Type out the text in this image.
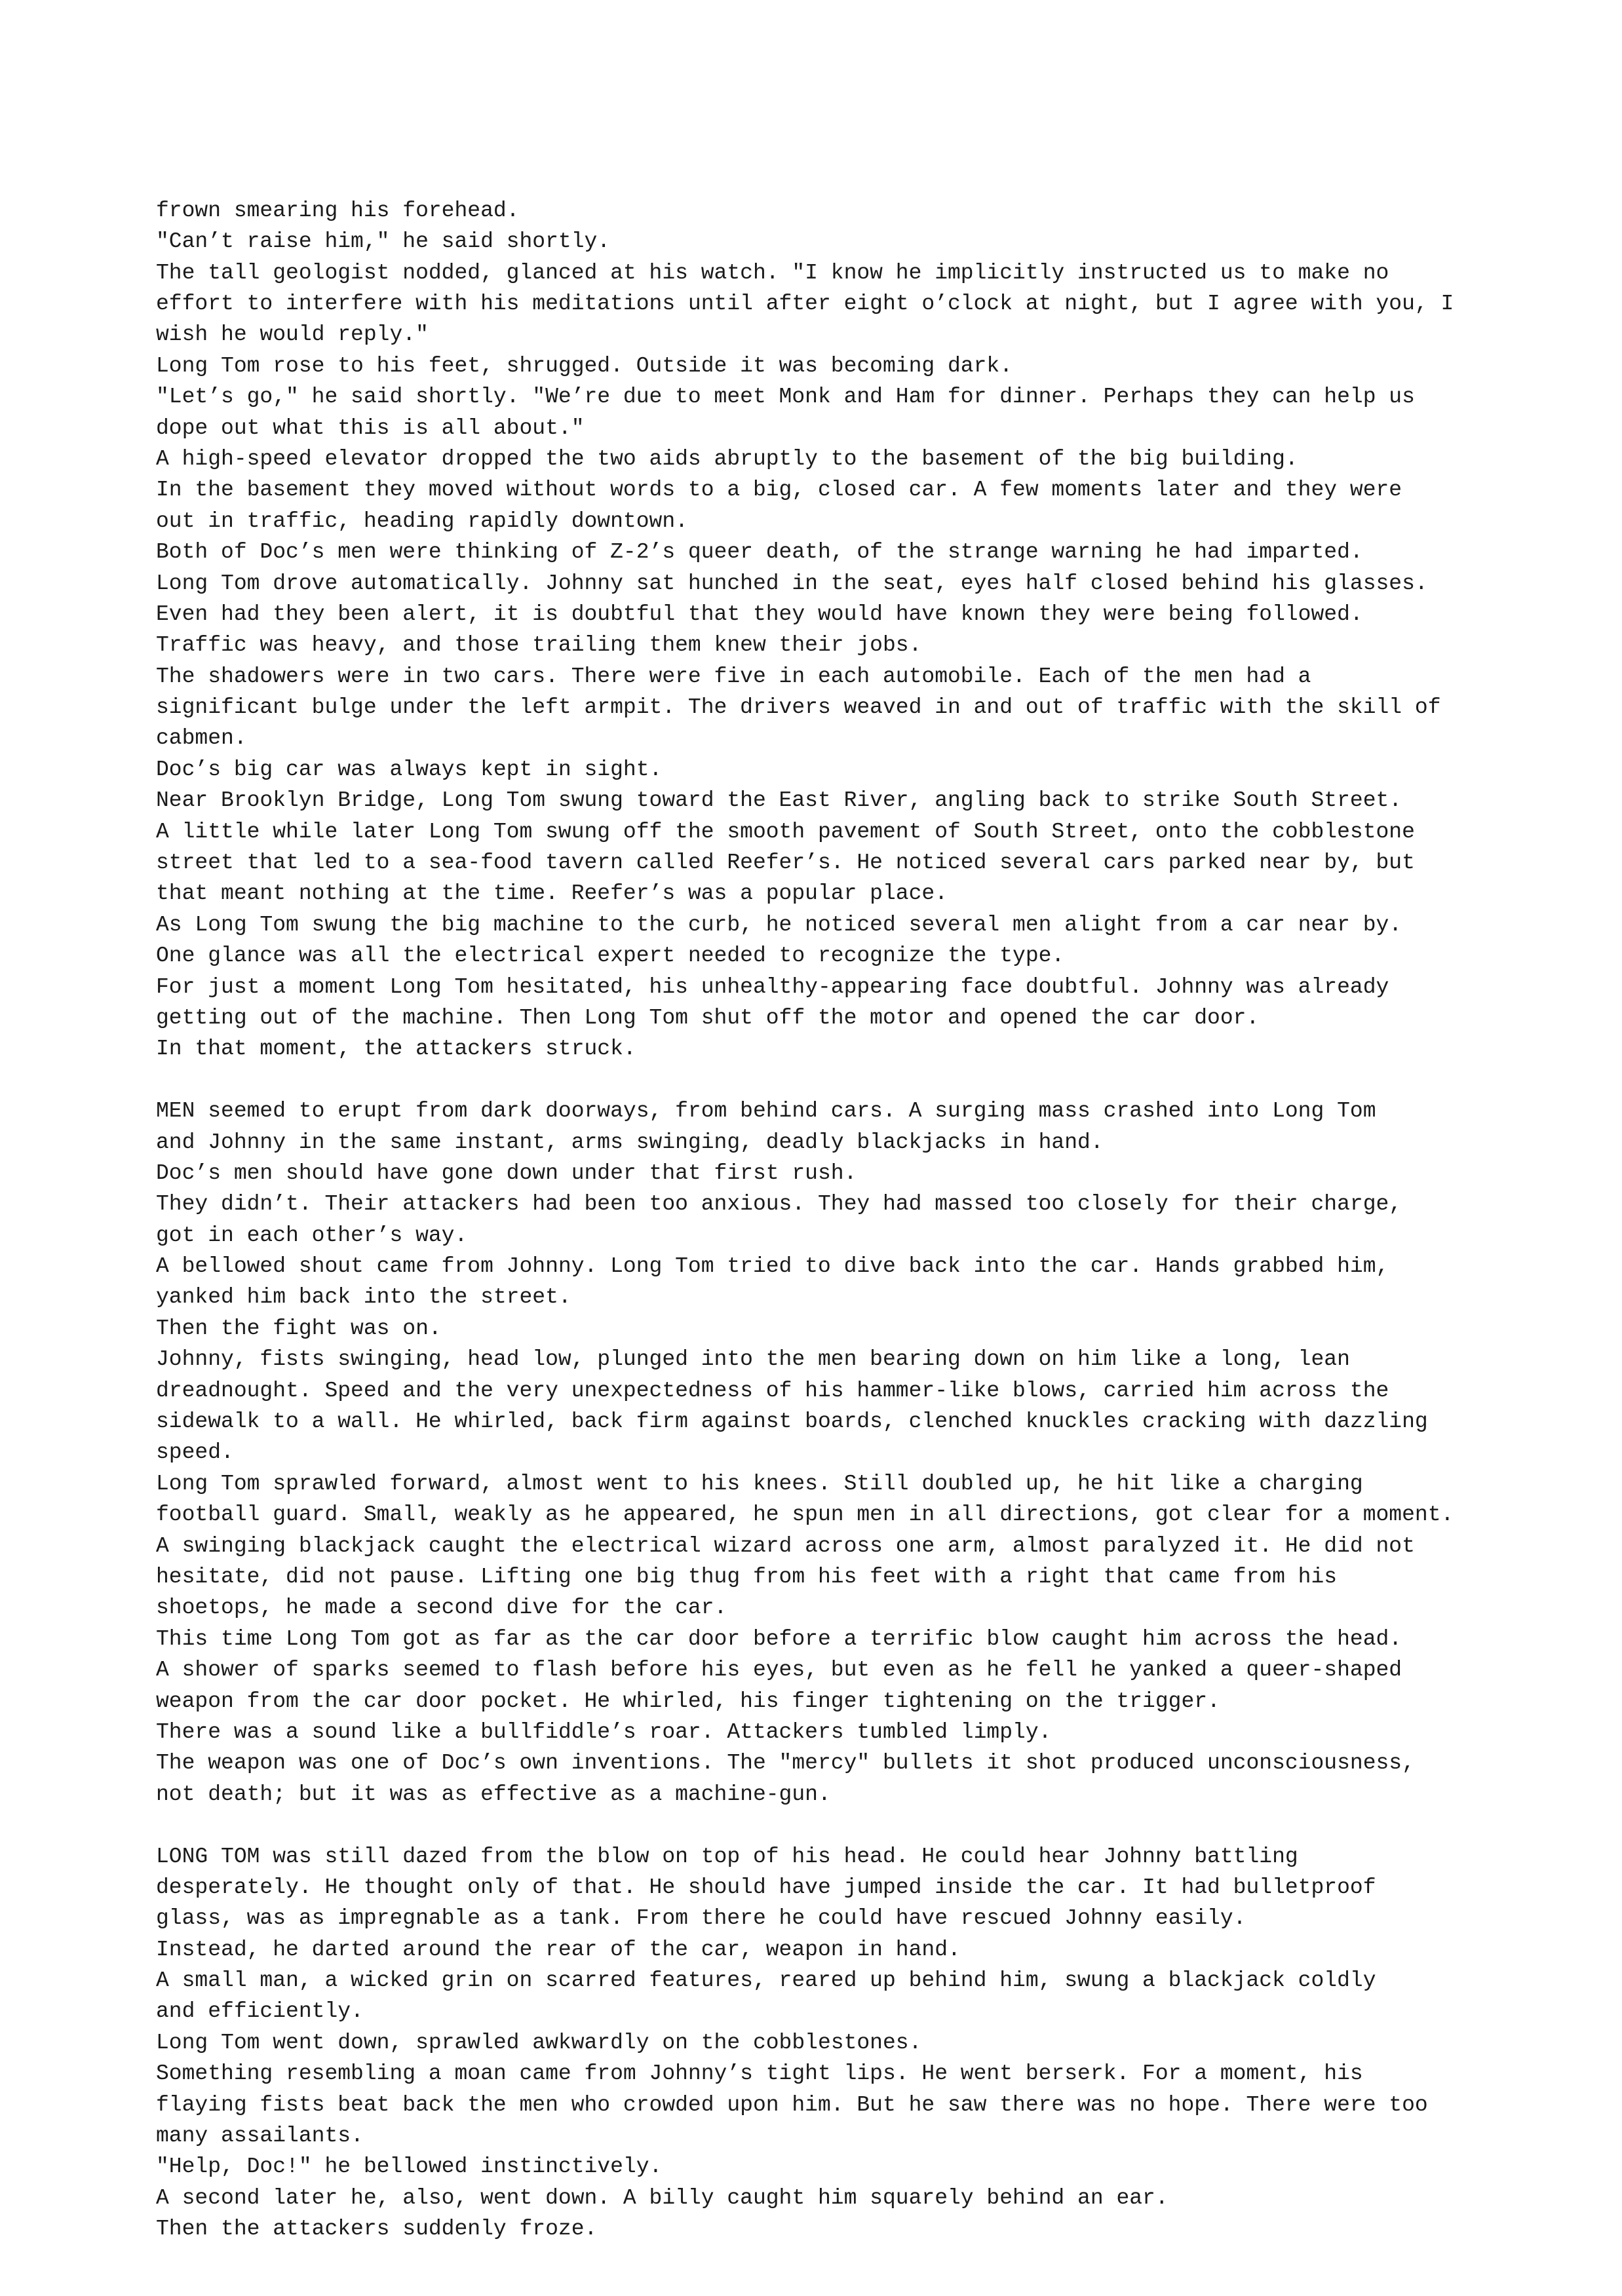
frown smearing his forehead.
"Can’t raise him," he said shortly.
The tall geologist nodded, glanced at his watch. "I know he implicitly instructed us to make no
effort to interfere with his meditations until after eight o’clock at night, but I agree with you, I
wish he would reply."
Long Tom rose to his feet, shrugged. Outside it was becoming dark.
"Let’s go," he said shortly. "We’re due to meet Monk and Ham for dinner. Perhaps they can help us
dope out what this is all about."
A high-speed elevator dropped the two aids abruptly to the basement of the big building.
In the basement they moved without words to a big, closed car. A few moments later and they were
out in traffic, heading rapidly downtown.
Both of Doc’s men were thinking of Z-2’s queer death, of the strange warning he had imparted.
Long Tom drove automatically. Johnny sat hunched in the seat, eyes half closed behind his glasses.
Even had they been alert, it is doubtful that they would have known they were being followed.
Traffic was heavy, and those trailing them knew their jobs.
The shadowers were in two cars. There were five in each automobile. Each of the men had a
significant bulge under the left armpit. The drivers weaved in and out of traffic with the skill of
cabmen.
Doc’s big car was always kept in sight.
Near Brooklyn Bridge, Long Tom swung toward the East River, angling back to strike South Street.
A little while later Long Tom swung off the smooth pavement of South Street, onto the cobblestone
street that led to a sea-food tavern called Reefer’s. He noticed several cars parked near by, but
that meant nothing at the time. Reefer’s was a popular place.
As Long Tom swung the big machine to the curb, he noticed several men alight from a car near by.
One glance was all the electrical expert needed to recognize the type.
For just a moment Long Tom hesitated, his unhealthy-appearing face doubtful. Johnny was already
getting out of the machine. Then Long Tom shut off the motor and opened the car door.
In that moment, the attackers struck.
MEN seemed to erupt from dark doorways, from behind cars. A surging mass crashed into Long Tom
and Johnny in the same instant, arms swinging, deadly blackjacks in hand.
Doc’s men should have gone down under that first rush.
They didn’t. Their attackers had been too anxious. They had massed too closely for their charge,
got in each other’s way.
A bellowed shout came from Johnny. Long Tom tried to dive back into the car. Hands grabbed him,
yanked him back into the street.
Then the fight was on.
Johnny, fists swinging, head low, plunged into the men bearing down on him like a long, lean
dreadnought. Speed and the very unexpectedness of his hammer-like blows, carried him across the
sidewalk to a wall. He whirled, back firm against boards, clenched knuckles cracking with dazzling
speed.
Long Tom sprawled forward, almost went to his knees. Still doubled up, he hit like a charging
football guard. Small, weakly as he appeared, he spun men in all directions, got clear for a moment.
A swinging blackjack caught the electrical wizard across one arm, almost paralyzed it. He did not
hesitate, did not pause. Lifting one big thug from his feet with a right that came from his
shoetops, he made a second dive for the car.
This time Long Tom got as far as the car door before a terrific blow caught him across the head.
A shower of sparks seemed to flash before his eyes, but even as he fell he yanked a queer-shaped
weapon from the car door pocket. He whirled, his finger tightening on the trigger.
There was a sound like a bullfiddle’s roar. Attackers tumbled limply.
The weapon was one of Doc’s own inventions. The "mercy" bullets it shot produced unconsciousness,
not death; but it was as effective as a machine-gun.
LONG TOM was still dazed from the blow on top of his head. He could hear Johnny battling
desperately. He thought only of that. He should have jumped inside the car. It had bulletproof
glass, was as impregnable as a tank. From there he could have rescued Johnny easily.
Instead, he darted around the rear of the car, weapon in hand.
A small man, a wicked grin on scarred features, reared up behind him, swung a blackjack coldly
and efficiently.
Long Tom went down, sprawled awkwardly on the cobblestones.
Something resembling a moan came from Johnny’s tight lips. He went berserk. For a moment, his
flaying fists beat back the men who crowded upon him. But he saw there was no hope. There were too
many assailants.
"Help, Doc!" he bellowed instinctively.
A second later he, also, went down. A billy caught him squarely behind an ear.
Then the attackers suddenly froze.
